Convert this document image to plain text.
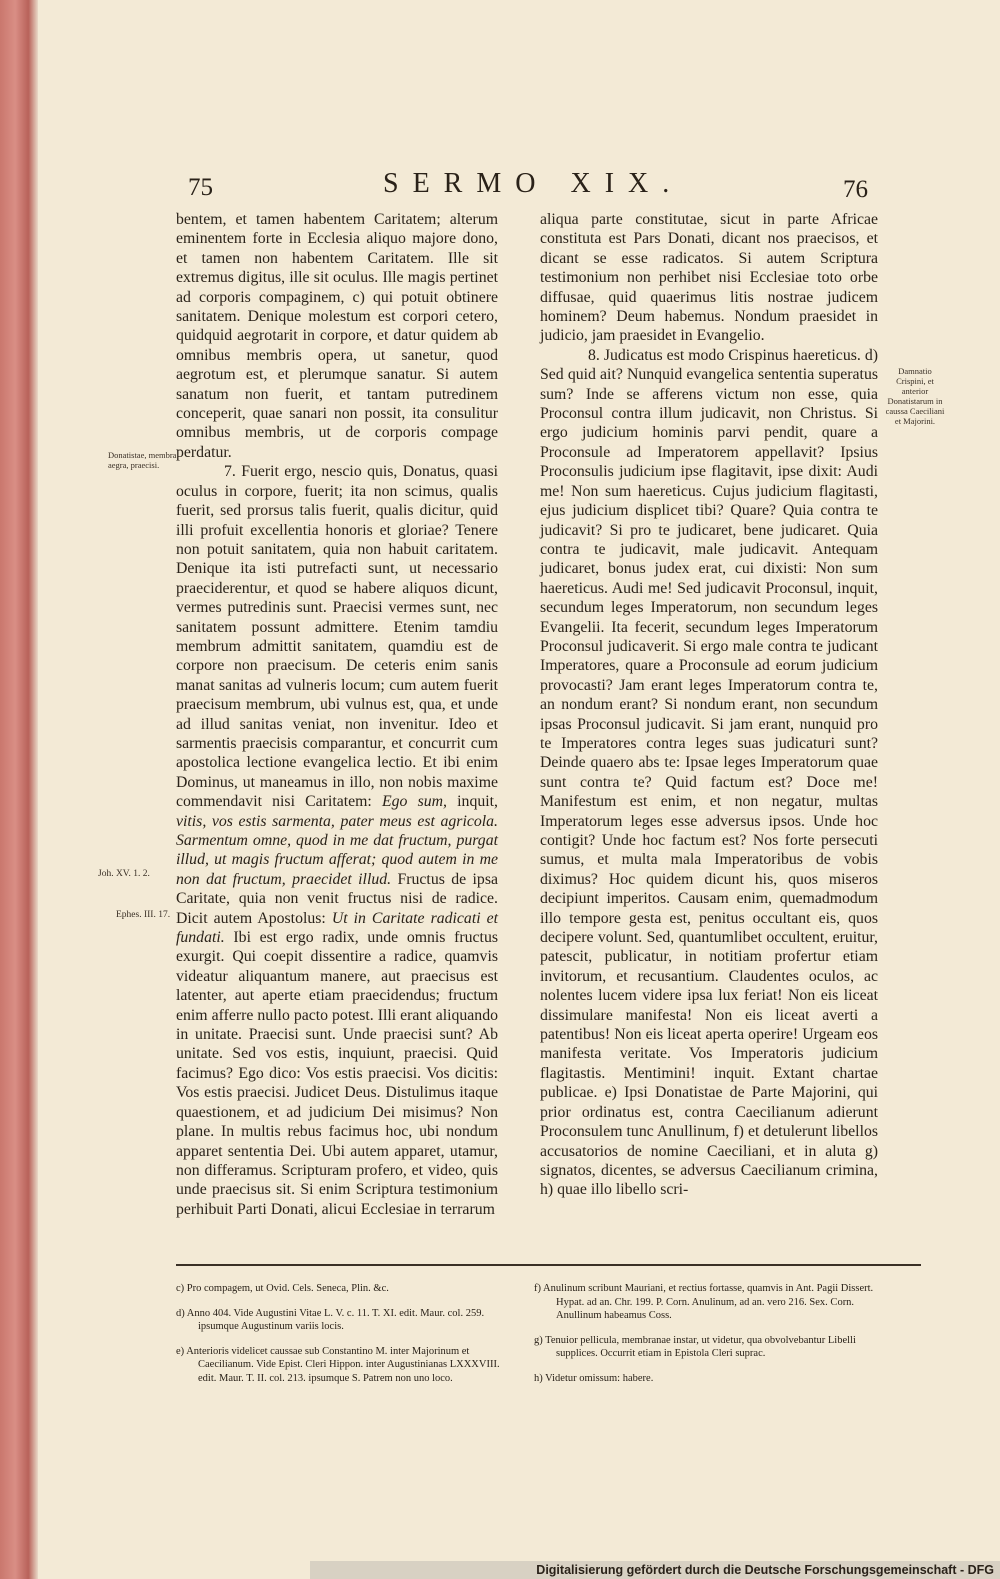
75	SERMO XIX.	76

bentem, et tamen habentem Caritatem; alterum eminentem forte in Ecclesia aliquo majore dono, et tamen non habentem Caritatem. Ille sit extremus digitus, ille sit oculus. Ille magis pertinet ad corporis compaginem, c) qui potuit obtinere sanitatem. Denique molestum est corpori cetero, quidquid aegrotarit in corpore, et datur quidem ab omnibus membris opera, ut sanetur, quod aegrotum est, et plerumque sanatur. Si autem sanatum non fuerit, et tantam putredinem conceperit, quae sanari non possit, ita consulitur omnibus membris, ut de corporis compage perdatur.

7. Fuerit ergo, nescio quis, Donatus, quasi oculus in corpore, fuerit; ita non scimus, qualis fuerit, sed prorsus talis fuerit, qualis dicitur, quid illi profuit excellentia honoris et gloriae? Tenere non potuit sanitatem, quia non habuit caritatem. Denique ita isti putrefacti sunt, ut necessario praeciderentur, et quod se habere aliquos dicunt, vermes putredinis sunt. Praecisi vermes sunt, nec sanitatem possunt admittere. Etenim tamdiu membrum admittit sanitatem, quamdiu est de corpore non praecisum. De ceteris enim sanis manat sanitas ad vulneris locum; cum autem fuerit praecisum membrum, ubi vulnus est, qua, et unde ad illud sanitas veniat, non invenitur. Ideo et sarmentis praecisis comparantur, et concurrit cum apostolica lectione evangelica lectio. Et ibi enim Dominus, ut maneamus in illo, non nobis maxime commendavit nisi Caritatem: Ego sum, inquit, vitis, vos estis sarmenta, pater meus est agricola. Sarmentum omne, quod in me dat fructum, purgat illud, ut magis fructum afferat; quod autem in me non dat fructum, praecidet illud. Fructus de ipsa Caritate, quia non venit fructus nisi de radice. Dicit autem Apostolus: Ut in Caritate radicati et fundati. Ibi est ergo radix, unde omnis fructus exurgit. Qui coepit dissentire a radice, quamvis videatur aliquantum manere, aut praecisus est latenter, aut aperte etiam praecidendus; fructum enim afferre nullo pacto potest. Illi erant aliquando in unitate. Praecisi sunt. Unde praecisi sunt? Ab unitate. Sed vos estis, inquiunt, praecisi. Quid facimus? Ego dico: Vos estis praecisi. Vos dicitis: Vos estis praecisi. Judicet Deus. Distulimus itaque quaestionem, et ad judicium Dei misimus? Non plane. In multis rebus facimus hoc, ubi nondum apparet sententia Dei. Ubi autem apparet, utamur, non differamus. Scripturam profero, et video, quis unde praecisus sit. Si enim Scriptura testimonium perhibuit Parti Donati, alicui Ecclesiae in terrarum

aliqua parte constitutae, sicut in parte Africae constituta est Pars Donati, dicant nos praecisos, et dicant se esse radicatos. Si autem Scriptura testimonium non perhibet nisi Ecclesiae toto orbe diffusae, quid quaerimus litis nostrae judicem hominem? Deum habemus. Nondum praesidet in judicio, jam praesidet in Evangelio.

8. Judicatus est modo Crispinus haereticus. d) Sed quid ait? Nunquid evangelica sententia superatus sum? Inde se afferens victum non esse, quia Proconsul contra illum judicavit, non Christus. Si ergo judicium hominis parvi pendit, quare a Proconsule ad Imperatorem appellavit? Ipsius Proconsulis judicium ipse flagitavit, ipse dixit: Audi me! Non sum haereticus. Cujus judicium flagitasti, ejus judicium displicet tibi? Quare? Quia contra te judicavit? Si pro te judicaret, bene judicaret. Quia contra te judicavit, male judicavit. Antequam judicaret, bonus judex erat, cui dixisti: Non sum haereticus. Audi me! Sed judicavit Proconsul, inquit, secundum leges Imperatorum, non secundum leges Evangelii. Ita fecerit, secundum leges Imperatorum Proconsul judicaverit. Si ergo male contra te judicant Imperatores, quare a Proconsule ad eorum judicium provocasti? Jam erant leges Imperatorum contra te, an nondum erant? Si nondum erant, non secundum ipsas Proconsul judicavit. Si jam erant, nunquid pro te Imperatores contra leges suas judicaturi sunt? Deinde quaero abs te: Ipsae leges Imperatorum quae sunt contra te? Quid factum est? Doce me! Manifestum est enim, et non negatur, multas Imperatorum leges esse adversus ipsos. Unde hoc contigit? Unde hoc factum est? Nos forte persecuti sumus, et multa mala Imperatoribus de vobis diximus? Hoc quidem dicunt his, quos miseros decipiunt imperitos. Causam enim, quemadmodum illo tempore gesta est, penitus occultant eis, quos decipere volunt. Sed, quantumlibet occultent, eruitur, patescit, publicatur, in notitiam profertur etiam invitorum, et recusantium. Claudentes oculos, ac nolentes lucem videre ipsa lux feriat! Non eis liceat dissimulare manifesta! Non eis liceat averti a patentibus! Non eis liceat aperta operire! Urgeam eos manifesta veritate. Vos Imperatoris judicium flagitastis. Mentimini! inquit. Extant chartae publicae. e) Ipsi Donatistae de Parte Majorini, qui prior ordinatus est, contra Caecilianum adierunt Proconsulem tunc Anullinum, f) et detulerunt libellos accusatorios de nomine Caeciliani, et in aluta g) signatos, dicentes, se adversus Caecilianum crimina, h) quae illo libello scri-

Donatistae, membra aegra, praecisi.
Joh. XV. 1. 2.
Ephes. III. 17.
Damnatio Crispini, et anterior Donatistarum in caussa Caeciliani et Majorini.

c) Pro compagem, ut Ovid. Cels. Seneca, Plin. &c.

d) Anno 404. Vide Augustini Vitae L. V. c. 11. T. XI. edit. Maur. col. 259. ipsumque Augustinum variis locis.

e) Anterioris videlicet caussae sub Constantino M. inter Majorinum et Caecilianum. Vide Epist. Cleri Hippon. inter Augustinianas LXXXVIII. edit. Maur. T. II. col. 213. ipsumque S. Patrem non uno loco.

f) Anulinum scribunt Mauriani, et rectius fortasse, quamvis in Ant. Pagii Dissert. Hypat. ad an. Chr. 199. P. Corn. Anulinum, ad an. vero 216. Sex. Corn. Anullinum habeamus Coss.

g) Tenuior pellicula, membranae instar, ut videtur, qua obvolvebantur Libelli supplices. Occurrit etiam in Epistola Cleri suprac.

h) Videtur omissum: habere.

Digitalisierung gefördert durch die Deutsche Forschungsgemeinschaft - DFG
